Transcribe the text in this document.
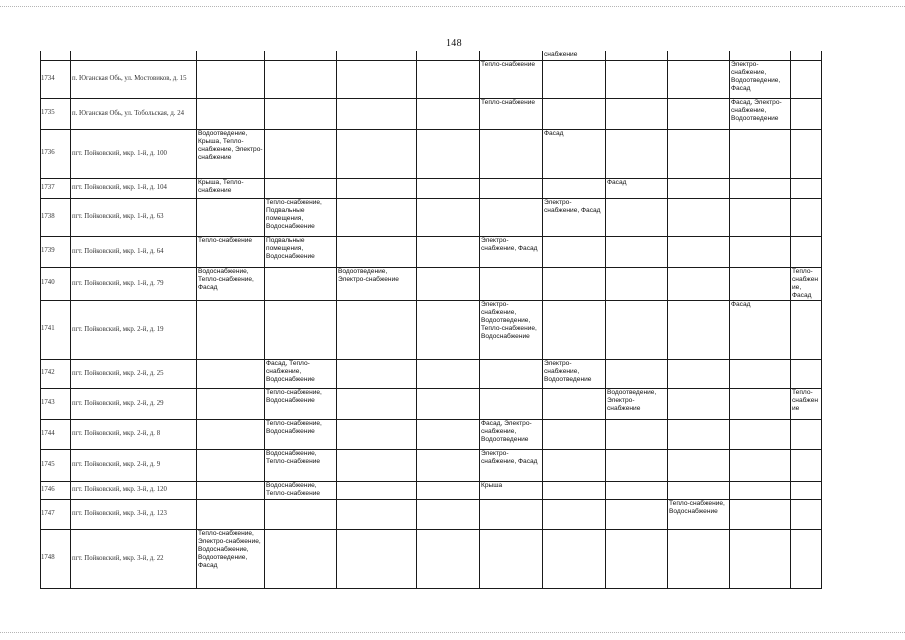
148
							снабжение				
1734	п. Юганская Обь, ул. Мостовиков, д. 15					Тепло-снабжение				Электро-снабжение, Водоотведение, Фасад	
1735	п. Юганская Обь, ул. Тобольская, д. 24					Тепло-снабжение				Фасад, Электро-снабжение, Водоотведение	
1736	пгт. Пойковский, мкр. 1-й, д. 100	Водоотведение, Крыша, Тепло-снабжение, Электро-снабжение					Фасад				
1737	пгт. Пойковский, мкр. 1-й, д. 104	Крыша, Тепло-снабжение						Фасад			
1738	пгт. Пойковский, мкр. 1-й, д. 63		Тепло-снабжение, Подвальные помещения, Водоснабжение				Электро-снабжение, Фасад				
1739	пгт. Пойковский, мкр. 1-й, д. 64	Тепло-снабжение	Подвальные помещения, Водоснабжение			Электро-снабжение, Фасад					
1740	пгт. Пойковский, мкр. 1-й, д. 79	Водоснабжение, Тепло-снабжение, Фасад		Водоотведение, Электро-снабжение							Тепло-снабжение, Фасад
1741	пгт. Пойковский, мкр. 2-й, д. 19					Электро-снабжение, Водоотведение, Тепло-снабжение, Водоснабжение				Фасад	
1742	пгт. Пойковский, мкр. 2-й, д. 25		Фасад, Тепло-снабжение, Водоснабжение				Электро-снабжение, Водоотведение				
1743	пгт. Пойковский, мкр. 2-й, д. 29		Тепло-снабжение, Водоснабжение					Водоотведение, Электро-снабжение			Тепло-снабжение
1744	пгт. Пойковский, мкр. 2-й, д. 8		Тепло-снабжение, Водоснабжение			Фасад, Электро-снабжение, Водоотведение					
1745	пгт. Пойковский, мкр. 2-й, д. 9		Водоснабжение, Тепло-снабжение			Электро-снабжение, Фасад					
1746	пгт. Пойковский, мкр. 3-й, д. 120		Водоснабжение, Тепло-снабжение			Крыша					
1747	пгт. Пойковский, мкр. 3-й, д. 123								Тепло-снабжение, Водоснабжение		
1748	пгт. Пойковский, мкр. 3-й, д. 22	Тепло-снабжение, Электро-снабжение, Водоснабжение, Водоотведение, Фасад									
